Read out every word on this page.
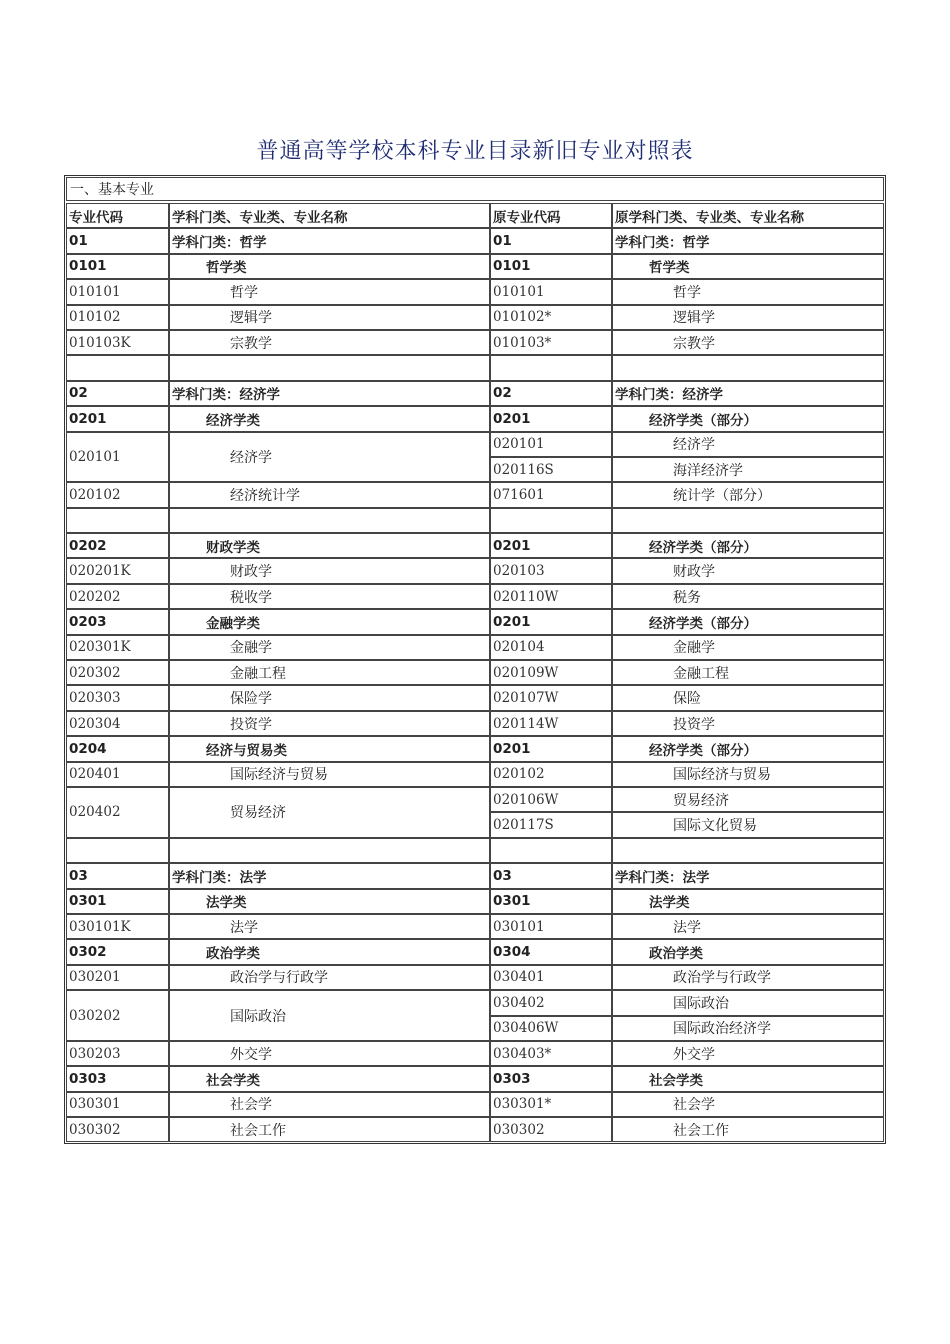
普通高等学校本科专业目录新旧专业对照表
一、基本专业
专业代码	学科门类、专业类、专业名称	原专业代码	原学科门类、专业类、专业名称
01	学科门类：哲学	01	学科门类：哲学
0101	哲学类	0101	哲学类
010101	哲学	010101	哲学
010102	逻辑学	010102*	逻辑学
010103K	宗教学	010103*	宗教学

02	学科门类：经济学	02	学科门类：经济学
0201	经济学类	0201	经济学类（部分）
020101	经济学	020101	经济学
		020116S	海洋经济学
020102	经济统计学	071601	统计学（部分）

0202	财政学类	0201	经济学类（部分）
020201K	财政学	020103	财政学
020202	税收学	020110W	税务
0203	金融学类	0201	经济学类（部分）
020301K	金融学	020104	金融学
020302	金融工程	020109W	金融工程
020303	保险学	020107W	保险
020304	投资学	020114W	投资学
0204	经济与贸易类	0201	经济学类（部分）
020401	国际经济与贸易	020102	国际经济与贸易
020402	贸易经济	020106W	贸易经济
		020117S	国际文化贸易

03	学科门类：法学	03	学科门类：法学
0301	法学类	0301	法学类
030101K	法学	030101	法学
0302	政治学类	0304	政治学类
030201	政治学与行政学	030401	政治学与行政学
030202	国际政治	030402	国际政治
		030406W	国际政治经济学
030203	外交学	030403*	外交学
0303	社会学类	0303	社会学类
030301	社会学	030301*	社会学
030302	社会工作	030302	社会工作
